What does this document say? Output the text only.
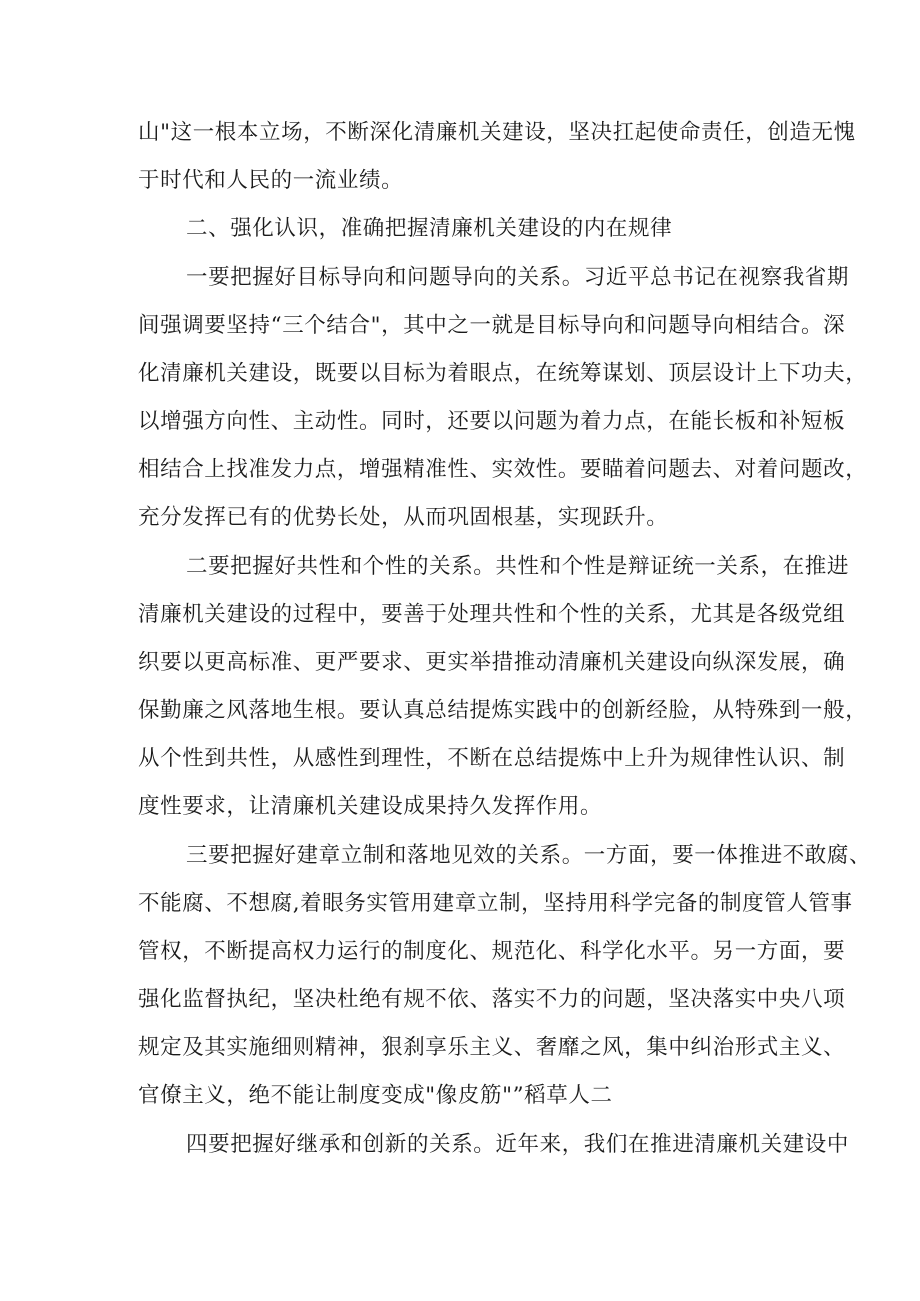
山"这一根本立场，不断深化清廉机关建设，坚决扛起使命责任，创造无愧
于时代和人民的一流业绩。
二、强化认识，准确把握清廉机关建设的内在规律
一要把握好目标导向和问题导向的关系。习近平总书记在视察我省期
间强调要坚持“三个结合"，其中之一就是目标导向和问题导向相结合。深
化清廉机关建设，既要以目标为着眼点，在统筹谋划、顶层设计上下功夫，
以增强方向性、主动性。同时，还要以问题为着力点，在能长板和补短板
相结合上找准发力点，增强精准性、实效性。要瞄着问题去、对着问题改，
充分发挥已有的优势长处，从而巩固根基，实现跃升。
二要把握好共性和个性的关系。共性和个性是辩证统一关系，在推进
清廉机关建设的过程中，要善于处理共性和个性的关系，尤其是各级党组
织要以更高标准、更严要求、更实举措推动清廉机关建设向纵深发展，确
保勤廉之风落地生根。要认真总结提炼实践中的创新经脸，从特殊到一般，
从个性到共性，从感性到理性，不断在总结提炼中上升为规律性认识、制
度性要求，让清廉机关建设成果持久发挥作用。
三要把握好建章立制和落地见效的关系。一方面，要一体推进不敢腐、
不能腐、不想腐,着眼务实管用建章立制，坚持用科学完备的制度管人管事
管权，不断提高权力运行的制度化、规范化、科学化水平。另一方面，要
强化监督执纪，坚决杜绝有规不依、落实不力的问题，坚决落实中央八项
规定及其实施细则精神，狠刹享乐主义、奢靡之风，集中纠治形式主义、
官僚主义，绝不能让制度变成"像皮筋"”稻草人二
四要把握好继承和创新的关系。近年来，我们在推进清廉机关建设中
